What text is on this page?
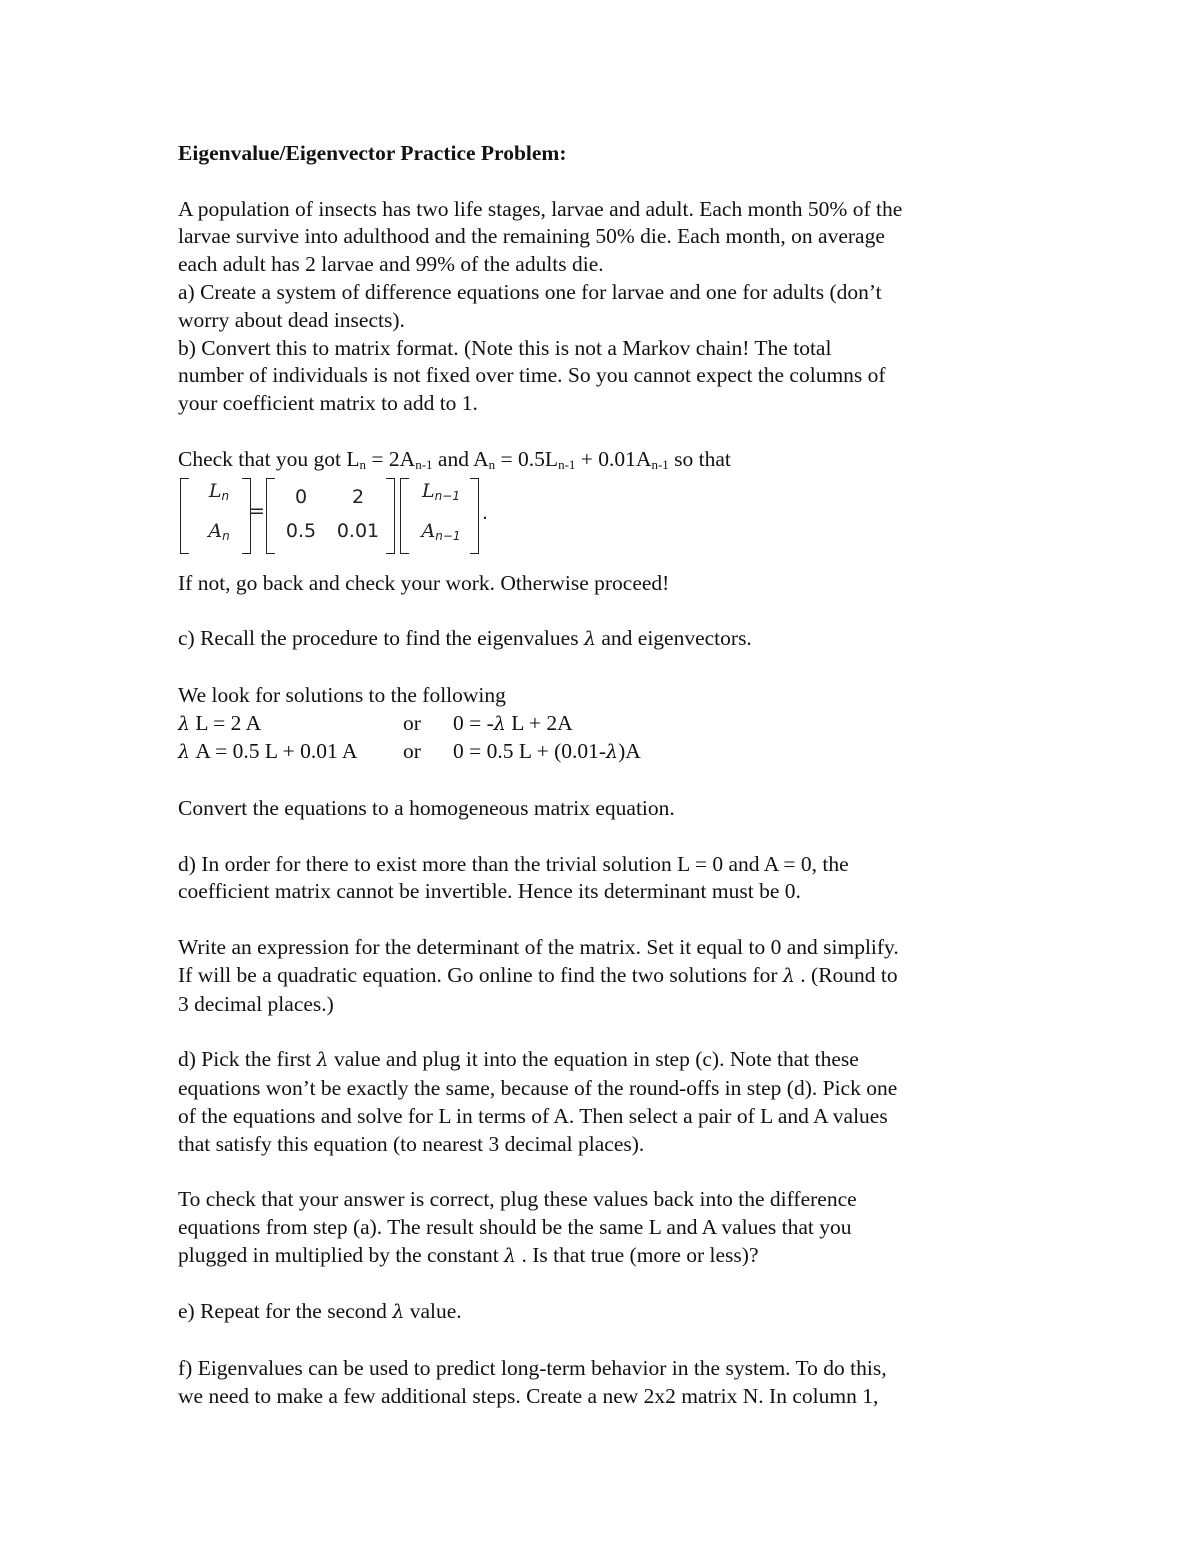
Eigenvalue/Eigenvector Practice Problem:

A population of insects has two life stages, larvae and adult. Each month 50% of the

larvae survive into adulthood and the remaining 50% die. Each month, on average

each adult has 2 larvae and 99% of the adults die.

a) Create a system of difference equations one for larvae and one for adults (don’t

worry about dead insects).

b) Convert this to matrix format. (Note this is not a Markov chain! The total

number of individuals is not fixed over time. So you cannot expect the columns of

your coefficient matrix to add to 1.

Check that you got $L_n = 2A_{n-1}$ and $A_n = 0.5L_{n-1} + 0.01A_{n-1}$ so that

Ln
An
=
0	2
0.5	0.01
Ln−1
An−1
.

If not, go back and check your work. Otherwise proceed!

c) Recall the procedure to find the eigenvalues λ and eigenvectors.

We look for solutions to the following

λ L = 2 A	or	0 = -λ L + 2A
λ A = 0.5 L + 0.01 A	or	0 = 0.5 L + (0.01-λ)A

Convert the equations to a homogeneous matrix equation.

d) In order for there to exist more than the trivial solution L = 0 and A = 0, the

coefficient matrix cannot be invertible. Hence its determinant must be 0.

Write an expression for the determinant of the matrix. Set it equal to 0 and simplify.

If will be a quadratic equation. Go online to find the two solutions for λ . (Round to

3 decimal places.)

d) Pick the first λ value and plug it into the equation in step (c). Note that these

equations won’t be exactly the same, because of the round-offs in step (d). Pick one

of the equations and solve for L in terms of A. Then select a pair of L and A values

that satisfy this equation (to nearest 3 decimal places).

To check that your answer is correct, plug these values back into the difference

equations from step (a). The result should be the same L and A values that you

plugged in multiplied by the constant λ . Is that true (more or less)?

e) Repeat for the second λ value.

f) Eigenvalues can be used to predict long-term behavior in the system. To do this,

we need to make a few additional steps. Create a new 2x2 matrix N. In column 1,
